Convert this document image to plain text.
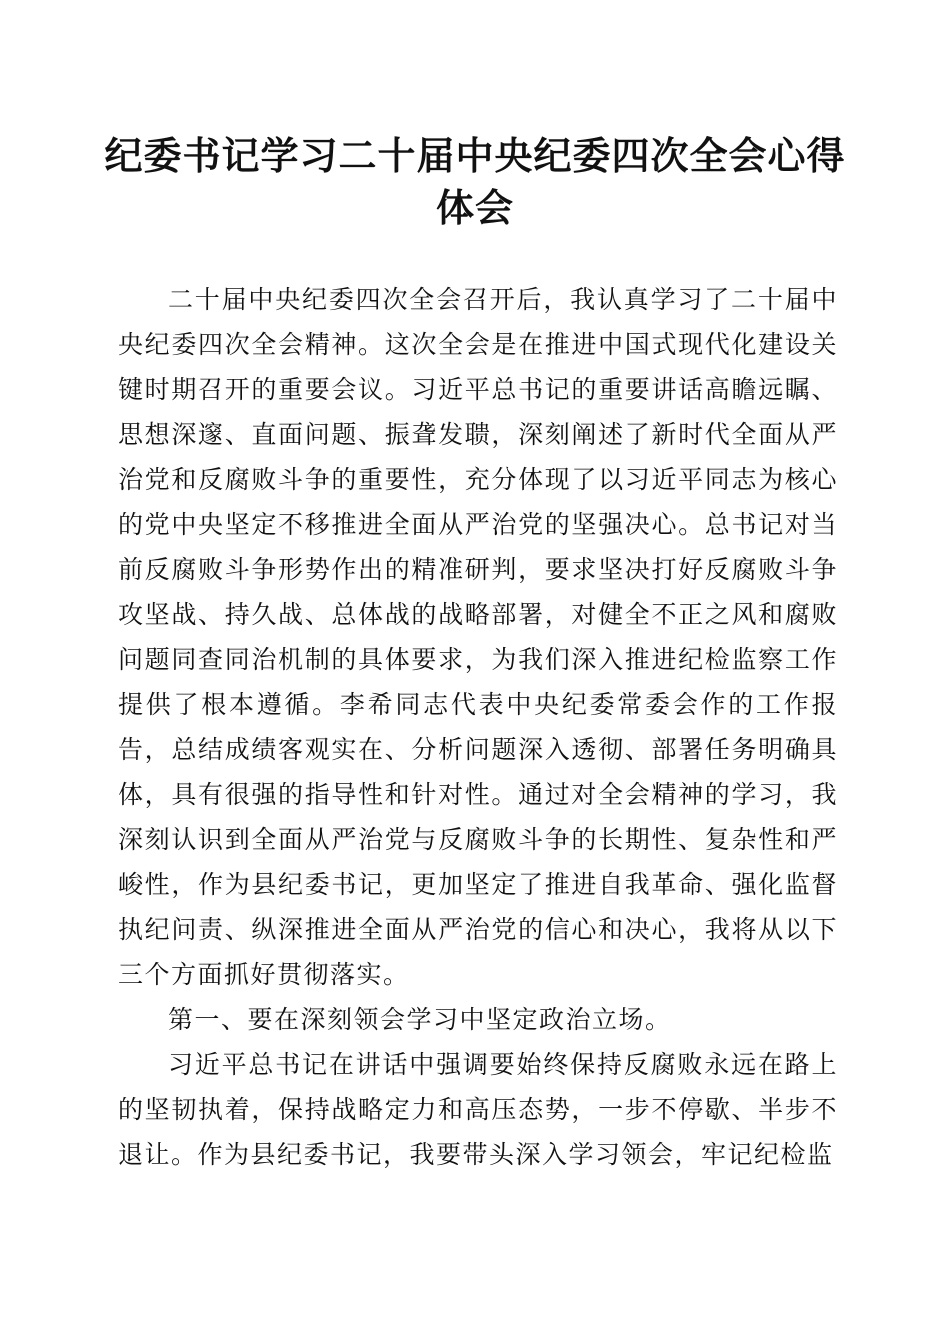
纪委书记学习二十届中央纪委四次全会心得体会

二十届中央纪委四次全会召开后，我认真学习了二十届中央纪委四次全会精神。这次全会是在推进中国式现代化建设关键时期召开的重要会议。习近平总书记的重要讲话高瞻远瞩、思想深邃、直面问题、振聋发聩，深刻阐述了新时代全面从严治党和反腐败斗争的重要性，充分体现了以习近平同志为核心的党中央坚定不移推进全面从严治党的坚强决心。总书记对当前反腐败斗争形势作出的精准研判，要求坚决打好反腐败斗争攻坚战、持久战、总体战的战略部署，对健全不正之风和腐败问题同查同治机制的具体要求，为我们深入推进纪检监察工作提供了根本遵循。李希同志代表中央纪委常委会作的工作报告，总结成绩客观实在、分析问题深入透彻、部署任务明确具体，具有很强的指导性和针对性。通过对全会精神的学习，我深刻认识到全面从严治党与反腐败斗争的长期性、复杂性和严峻性，作为县纪委书记，更加坚定了推进自我革命、强化监督执纪问责、纵深推进全面从严治党的信心和决心，我将从以下三个方面抓好贯彻落实。

第一、要在深刻领会学习中坚定政治立场。

习近平总书记在讲话中强调要始终保持反腐败永远在路上的坚韧执着，保持战略定力和高压态势，一步不停歇、半步不退让。作为县纪委书记，我要带头深入学习领会，牢记纪检监
